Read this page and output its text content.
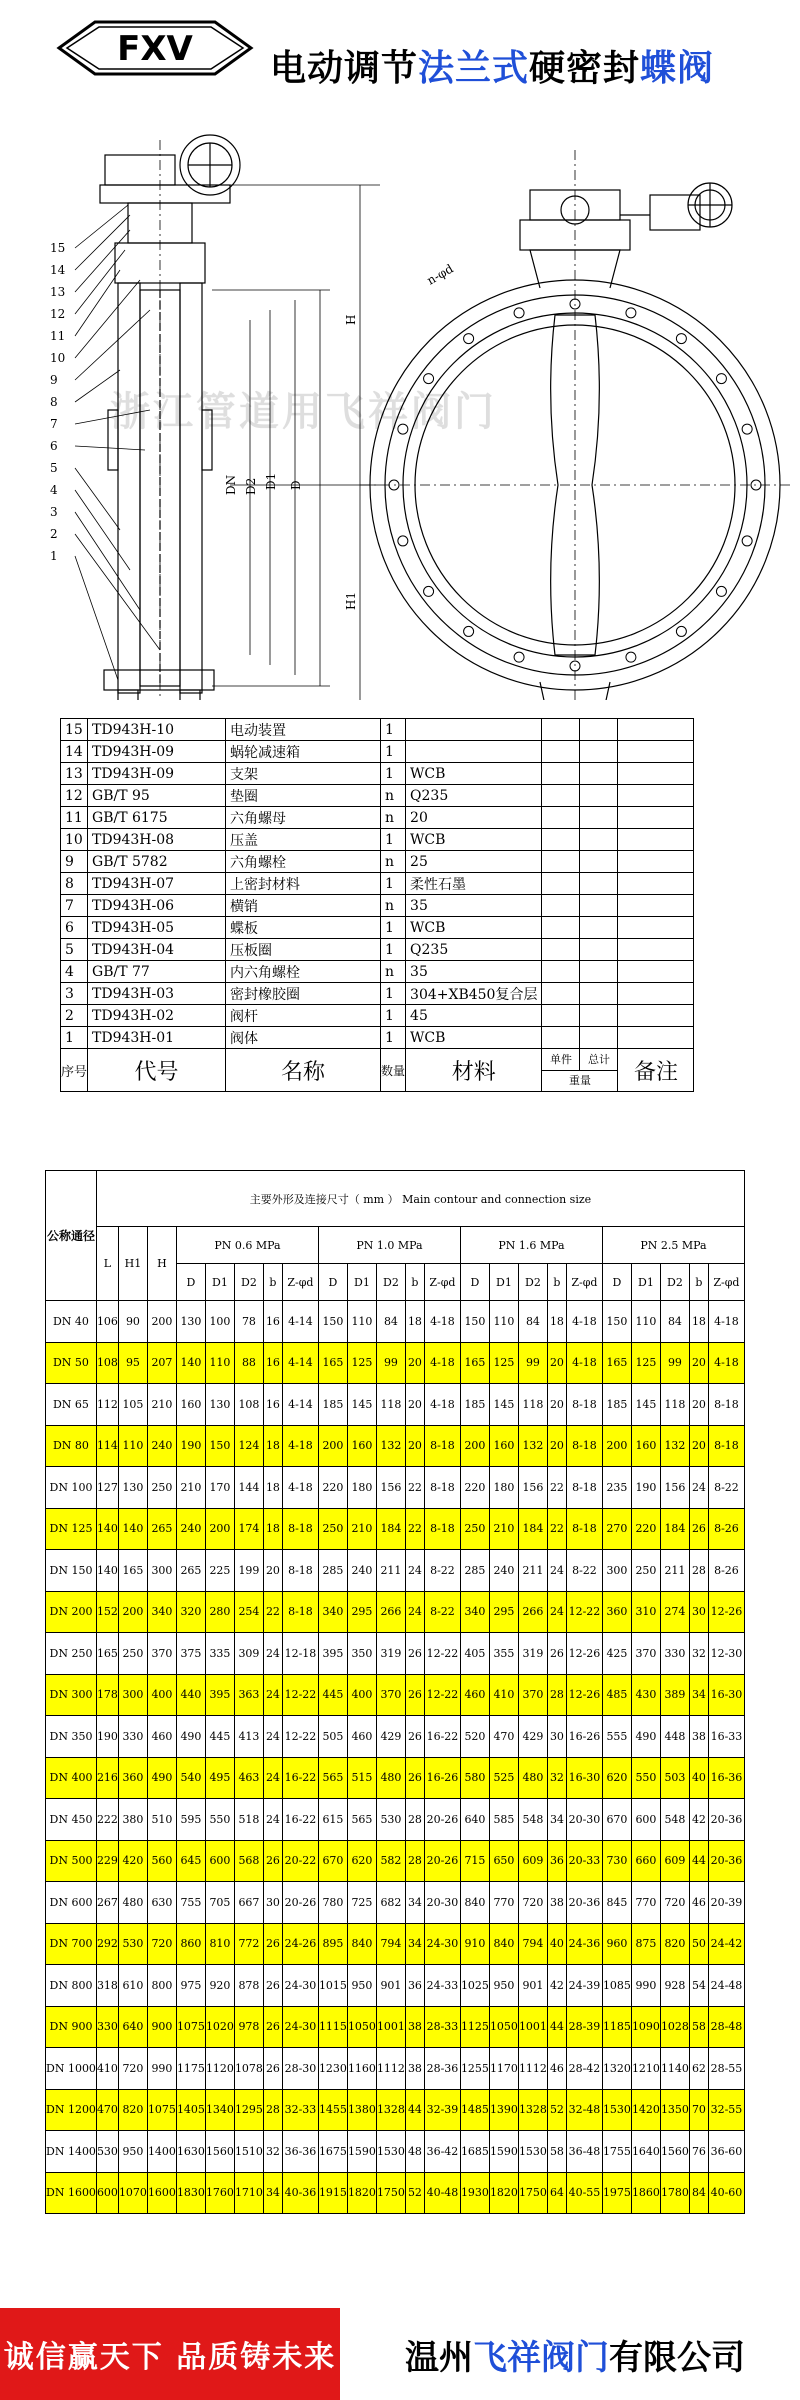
FXV 电动调节法兰式硬密封蝶阀
15
14
13
12
11
10
9
8
7
6
5
4
3
2
1
D
D1
D2
DN
H
H1
n-φd
浙江管道用飞祥阀门
15	TD943H-10	电动装置	1				
14	TD943H-09	蜗轮减速箱	1				
13	TD943H-09	支架	1	WCB			
12	GB/T 95	垫圈	n	Q235			
11	GB/T 6175	六角螺母	n	20			
10	TD943H-08	压盖	1	WCB			
9	GB/T 5782	六角螺栓	n	25			
8	TD943H-07	上密封材料	1	柔性石墨			
7	TD943H-06	横销	n	35			
6	TD943H-05	蝶板	1	WCB			
5	TD943H-04	压板圈	1	Q235			
4	GB/T 77	内六角螺栓	n	35			
3	TD943H-03	密封橡胶圈	1	304+XB450复合层			
2	TD943H-02	阀杆	1	45			
1	TD943H-01	阀体	1	WCB			
序号	代号	名称	数量	材料	单件 总计
重量		备注
公称通径	主要外形及连接尺寸（ mm ） Main contour and connection size																						
	L	H1	H	PN 0.6 MPa					PN 1.0 MPa					PN 1.6 MPa					PN 2.5 MPa				
				D	D1	D2	b	Z-φd	D	D1	D2	b	Z-φd	D	D1	D2	b	Z-φd	D	D1	D2	b	Z-φd
DN 40	106	90	200	130	100	78	16	4-14	150	110	84	18	4-18	150	110	84	18	4-18	150	110	84	18	4-18
DN 50	108	95	207	140	110	88	16	4-14	165	125	99	20	4-18	165	125	99	20	4-18	165	125	99	20	4-18
DN 65	112	105	210	160	130	108	16	4-14	185	145	118	20	4-18	185	145	118	20	8-18	185	145	118	20	8-18
DN 80	114	110	240	190	150	124	18	4-18	200	160	132	20	8-18	200	160	132	20	8-18	200	160	132	20	8-18
DN 100	127	130	250	210	170	144	18	4-18	220	180	156	22	8-18	220	180	156	22	8-18	235	190	156	24	8-22
DN 125	140	140	265	240	200	174	18	8-18	250	210	184	22	8-18	250	210	184	22	8-18	270	220	184	26	8-26
DN 150	140	165	300	265	225	199	20	8-18	285	240	211	24	8-22	285	240	211	24	8-22	300	250	211	28	8-26
DN 200	152	200	340	320	280	254	22	8-18	340	295	266	24	8-22	340	295	266	24	12-22	360	310	274	30	12-26
DN 250	165	250	370	375	335	309	24	12-18	395	350	319	26	12-22	405	355	319	26	12-26	425	370	330	32	12-30
DN 300	178	300	400	440	395	363	24	12-22	445	400	370	26	12-22	460	410	370	28	12-26	485	430	389	34	16-30
DN 350	190	330	460	490	445	413	24	12-22	505	460	429	26	16-22	520	470	429	30	16-26	555	490	448	38	16-33
DN 400	216	360	490	540	495	463	24	16-22	565	515	480	26	16-26	580	525	480	32	16-30	620	550	503	40	16-36
DN 450	222	380	510	595	550	518	24	16-22	615	565	530	28	20-26	640	585	548	34	20-30	670	600	548	42	20-36
DN 500	229	420	560	645	600	568	26	20-22	670	620	582	28	20-26	715	650	609	36	20-33	730	660	609	44	20-36
DN 600	267	480	630	755	705	667	30	20-26	780	725	682	34	20-30	840	770	720	38	20-36	845	770	720	46	20-39
DN 700	292	530	720	860	810	772	26	24-26	895	840	794	34	24-30	910	840	794	40	24-36	960	875	820	50	24-42
DN 800	318	610	800	975	920	878	26	24-30	1015	950	901	36	24-33	1025	950	901	42	24-39	1085	990	928	54	24-48
DN 900	330	640	900	1075	1020	978	26	24-30	1115	1050	1001	38	28-33	1125	1050	1001	44	28-39	1185	1090	1028	58	28-48
DN 1000	410	720	990	1175	1120	1078	26	28-30	1230	1160	1112	38	28-36	1255	1170	1112	46	28-42	1320	1210	1140	62	28-55
DN 1200	470	820	1075	1405	1340	1295	28	32-33	1455	1380	1328	44	32-39	1485	1390	1328	52	32-48	1530	1420	1350	70	32-55
DN 1400	530	950	1400	1630	1560	1510	32	36-36	1675	1590	1530	48	36-42	1685	1590	1530	58	36-48	1755	1640	1560	76	36-60
DN 1600	600	1070	1600	1830	1760	1710	34	40-36	1915	1820	1750	52	40-48	1930	1820	1750	64	40-55	1975	1860	1780	84	40-60
诚信赢天下 品质铸未来 温州 飞祥阀门 有限公司
